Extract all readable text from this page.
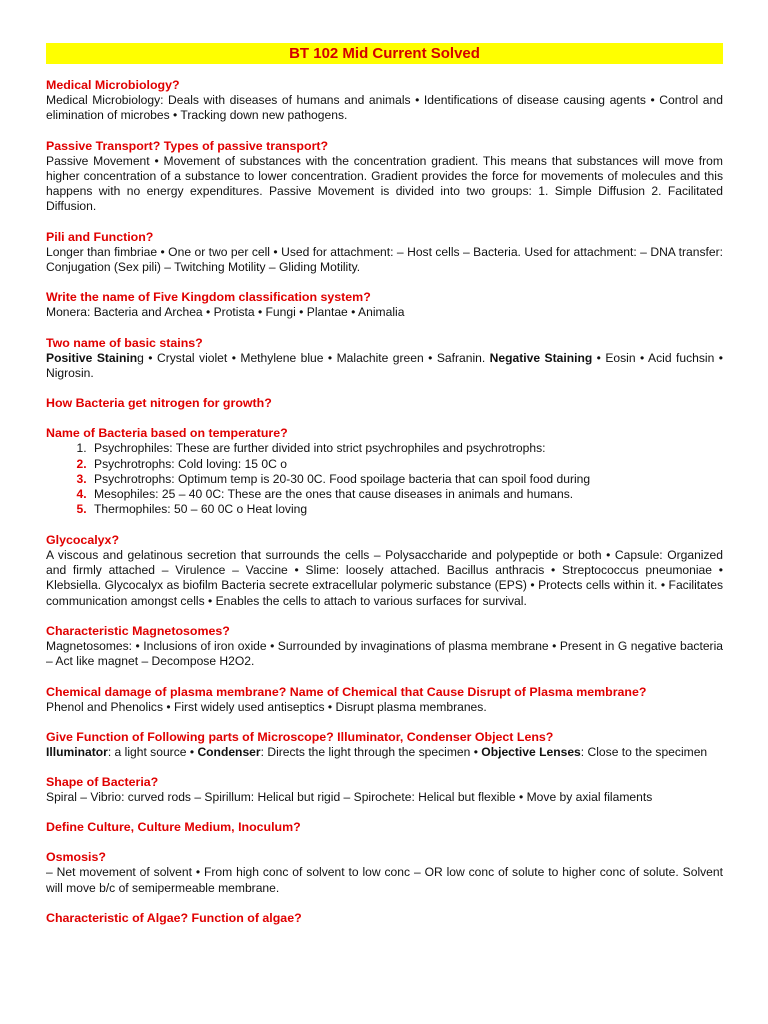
BT 102 Mid Current Solved

Medical Microbiology?

Medical Microbiology: Deals with diseases of humans and animals • Identifications of disease causing agents • Control and elimination of microbes • Tracking down new pathogens.

Passive Transport? Types of passive transport?

Passive Movement • Movement of substances with the concentration gradient. This means that substances will move from higher concentration of a substance to lower concentration. Gradient provides the force for movements of molecules and this happens with no energy expenditures. Passive Movement is divided into two groups: 1. Simple Diffusion 2. Facilitated Diffusion.

Pili and Function?

Longer than fimbriae • One or two per cell • Used for attachment: – Host cells – Bacteria. Used for attachment: – DNA transfer: Conjugation (Sex pili) – Twitching Motility – Gliding Motility.

Write the name of Five Kingdom classification system?

Monera: Bacteria and Archea • Protista • Fungi • Plantae • Animalia

Two name of basic stains?

Positive Staining • Crystal violet • Methylene blue • Malachite green • Safranin. Negative Staining • Eosin • Acid fuchsin • Nigrosin.

How Bacteria get nitrogen for growth?

Name of Bacteria based on temperature?

1. Psychrophiles: These are further divided into strict psychrophiles and psychrotrophs:
2. Psychrotrophs: Cold loving: 15 0C o
3. Psychrotrophs: Optimum temp is 20-30 0C. Food spoilage bacteria that can spoil food during
4. Mesophiles: 25 – 40 0C: These are the ones that cause diseases in animals and humans.
5. Thermophiles: 50 – 60 0C o Heat loving

Glycocalyx?

A viscous and gelatinous secretion that surrounds the cells – Polysaccharide and polypeptide or both • Capsule: Organized and firmly attached – Virulence – Vaccine • Slime: loosely attached. Bacillus anthracis • Streptococcus pneumoniae • Klebsiella. Glycocalyx as biofilm Bacteria secrete extracellular polymeric substance (EPS) • Protects cells within it. • Facilitates communication amongst cells • Enables the cells to attach to various surfaces for survival.

Characteristic Magnetosomes?

Magnetosomes: • Inclusions of iron oxide • Surrounded by invaginations of plasma membrane • Present in G negative bacteria – Act like magnet – Decompose H2O2.

Chemical damage of plasma membrane? Name of Chemical that Cause Disrupt of Plasma membrane?

Phenol and Phenolics • First widely used antiseptics • Disrupt plasma membranes.

Give Function of Following parts of Microscope? Illuminator, Condenser Object Lens?

Illuminator: a light source • Condenser: Directs the light through the specimen • Objective Lenses: Close to the specimen

Shape of Bacteria?

Spiral – Vibrio: curved rods – Spirillum: Helical but rigid – Spirochete: Helical but flexible • Move by axial filaments

Define Culture, Culture Medium, Inoculum?

Osmosis?

– Net movement of solvent • From high conc of solvent to low conc – OR low conc of solute to higher conc of solute. Solvent will move b/c of semipermeable membrane.

Characteristic of Algae? Function of algae?
